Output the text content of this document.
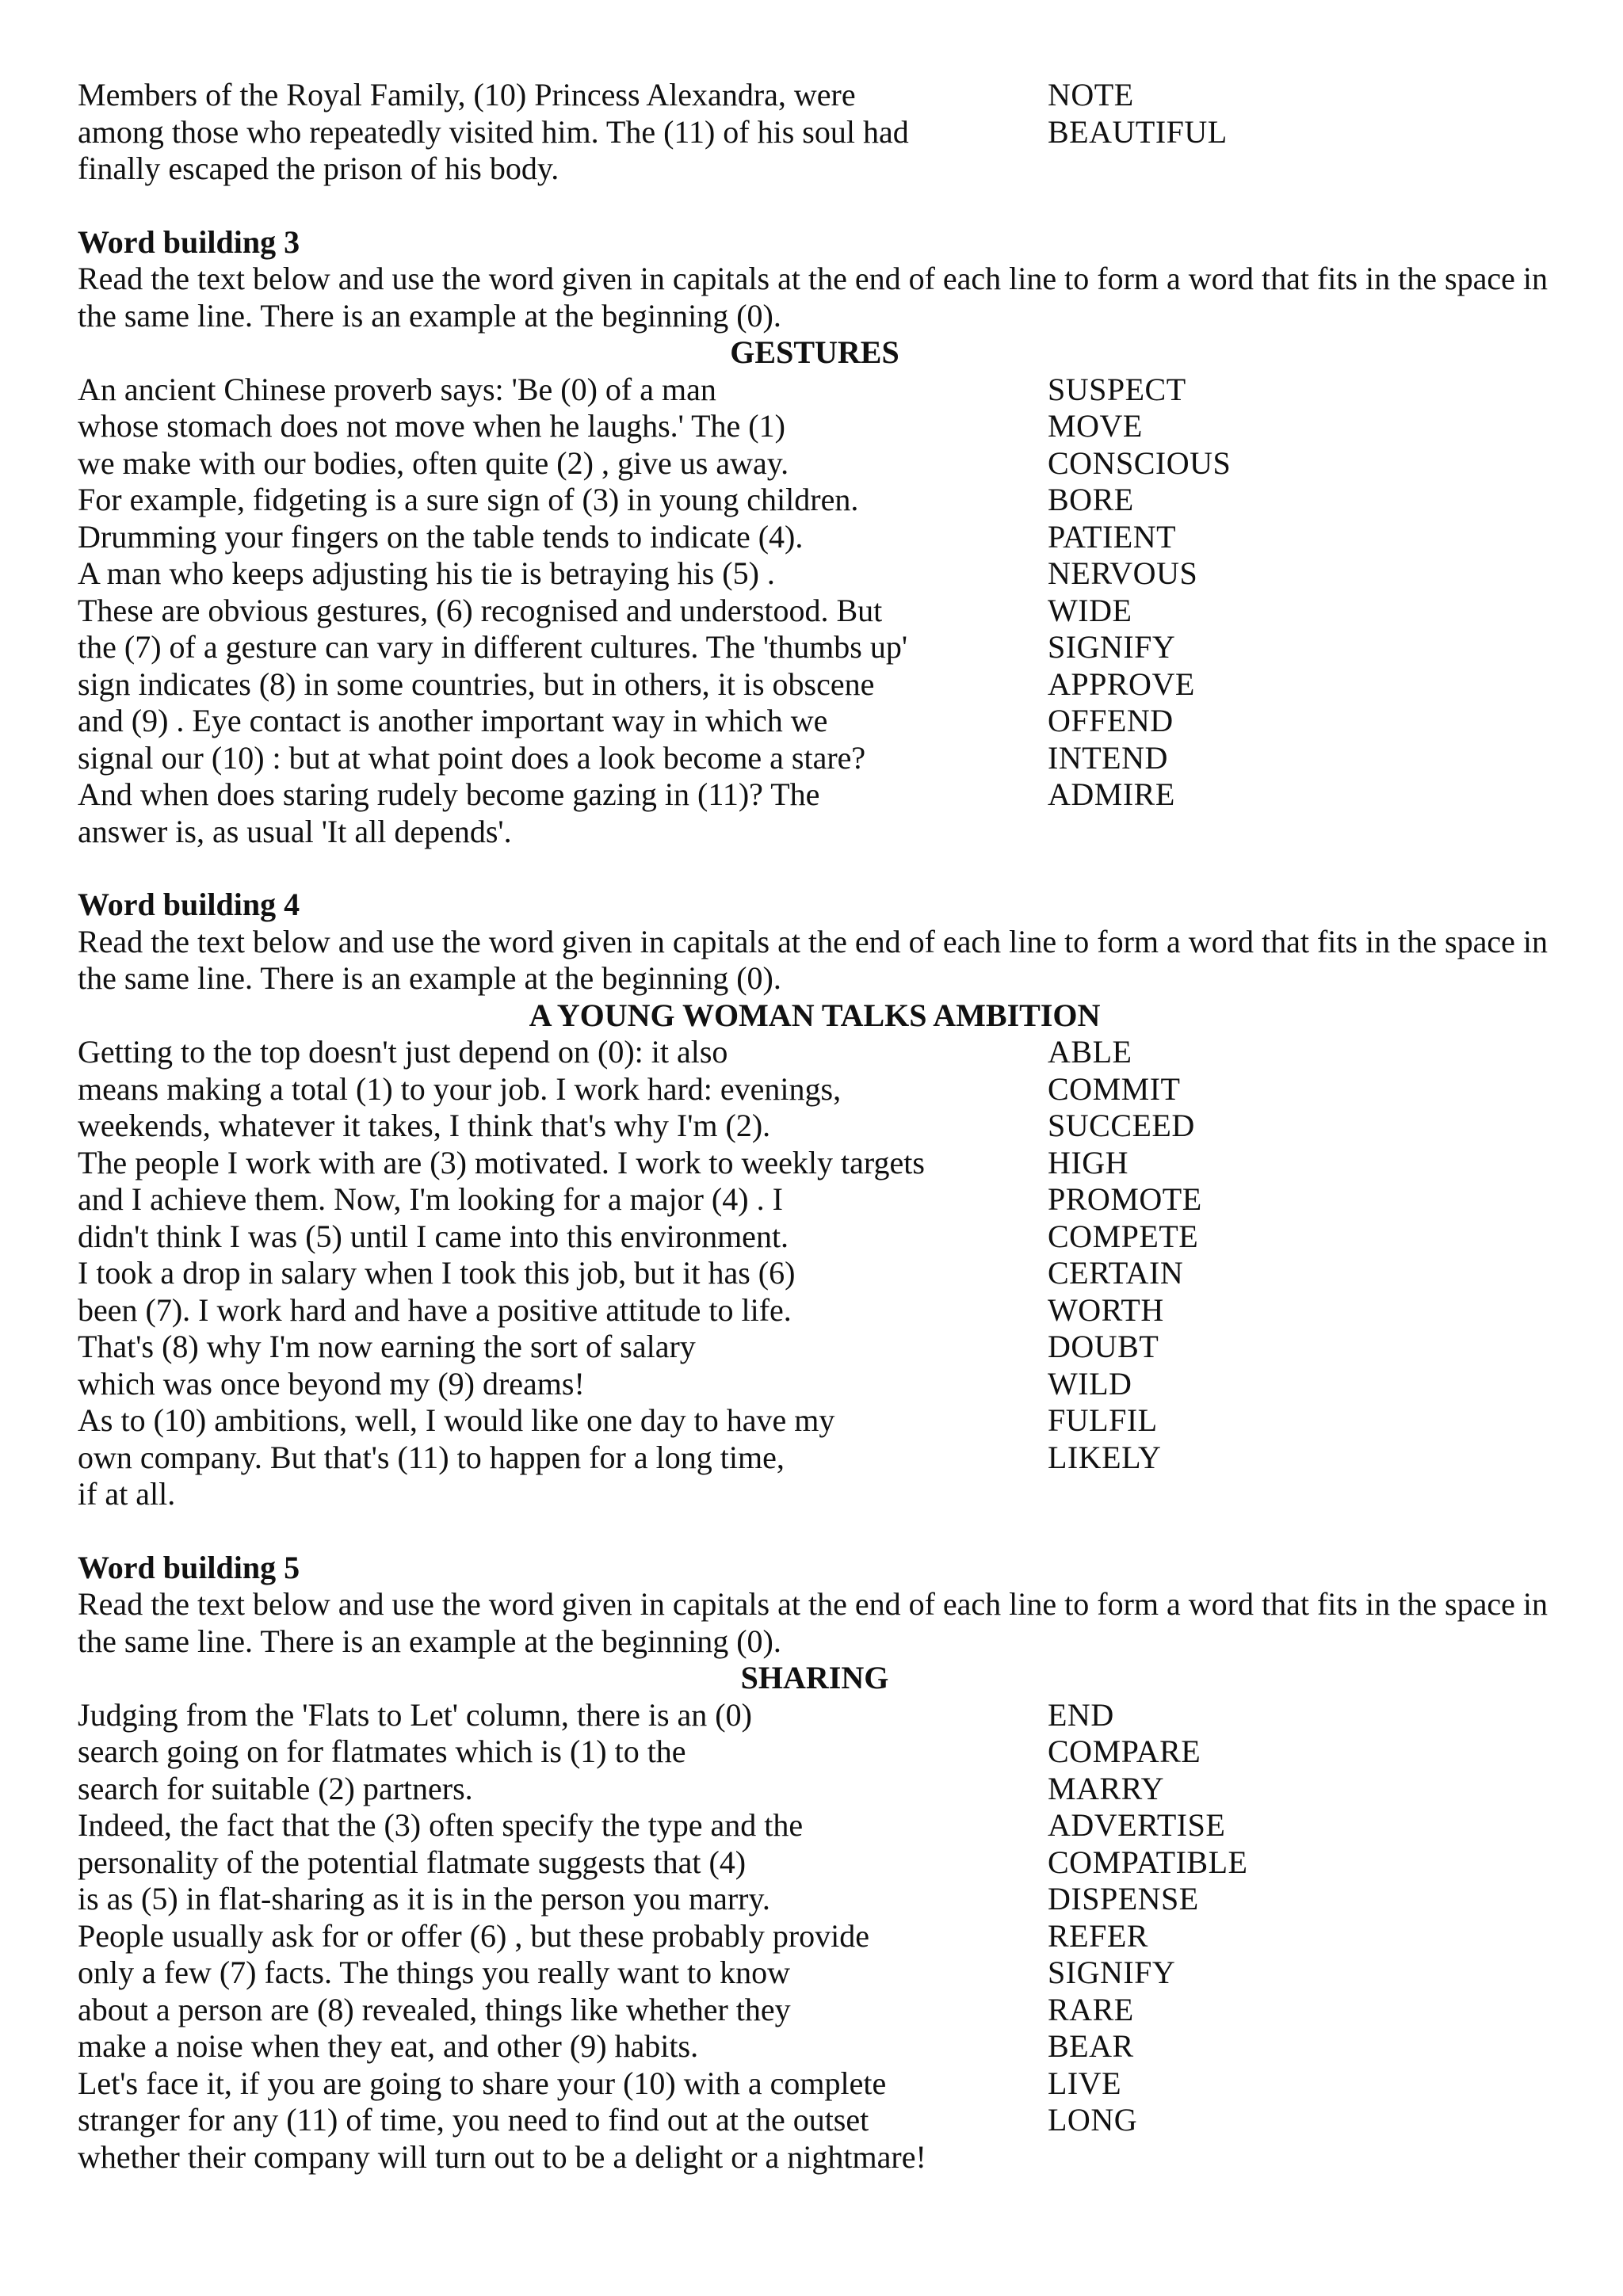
Members of the Royal Family, (10) Princess Alexandra, were	NOTE
among those who repeatedly visited him. The (11) of his soul had	BEAUTIFUL
finally escaped the prison of his body.
Word building 3
Read the text below and use the word given in capitals at the end of each line to form a word that fits in the space in the same line. There is an example at the beginning (0).
GESTURES
An ancient Chinese proverb says: 'Be (0) of a man	SUSPECT
whose stomach does not move when he laughs.' The (1)	MOVE
we make with our bodies, often quite (2) , give us away.	CONSCIOUS
For example, fidgeting is a sure sign of (3) in young children.	BORE
Drumming your fingers on the table tends to indicate (4).	PATIENT
A man who keeps adjusting his tie is betraying his (5) .	NERVOUS
These are obvious gestures, (6) recognised and understood. But	WIDE
the (7) of a gesture can vary in different cultures. The 'thumbs up'	SIGNIFY
sign indicates (8) in some countries, but in others, it is obscene	APPROVE
and (9) . Eye contact is another important way in which we	OFFEND
signal our (10) : but at what point does a look become a stare?	INTEND
And when does staring rudely become gazing in (11)? The	ADMIRE
answer is, as usual 'It all depends'.
Word building 4
Read the text below and use the word given in capitals at the end of each line to form a word that fits in the space in the same line. There is an example at the beginning (0).
A YOUNG WOMAN TALKS AMBITION
Getting to the top doesn't just depend on (0): it also	ABLE
means making a total (1) to your job. I work hard: evenings,	COMMIT
weekends, whatever it takes, I think that's why I'm (2).	SUCCEED
The people I work with are (3) motivated. I work to weekly targets	HIGH
and I achieve them. Now, I'm looking for a major (4) . I	PROMOTE
didn't think I was (5) until I came into this environment.	COMPETE
I took a drop in salary when I took this job, but it has (6)	CERTAIN
been (7). I work hard and have a positive attitude to life.	WORTH
That's (8) why I'm now earning the sort of salary	DOUBT
which was once beyond my (9) dreams!	WILD
As to (10) ambitions, well, I would like one day to have my	FULFIL
own company. But that's (11) to happen for a long time,	LIKELY
if at all.
Word building 5
Read the text below and use the word given in capitals at the end of each line to form a word that fits in the space in the same line. There is an example at the beginning (0).
SHARING
Judging from the 'Flats to Let' column, there is an (0)	END
search going on for flatmates which is (1) to the	COMPARE
search for suitable (2) partners.	MARRY
Indeed, the fact that the (3) often specify the type and the	ADVERTISE
personality of the potential flatmate suggests that (4)	COMPATIBLE
is as (5) in flat-sharing as it is in the person you marry.	DISPENSE
People usually ask for or offer (6) , but these probably provide	REFER
only a few (7) facts. The things you really want to know	SIGNIFY
about a person are (8) revealed, things like whether they	RARE
make a noise when they eat, and other (9) habits.	BEAR
Let's face it, if you are going to share your (10) with a complete	LIVE
stranger for any (11) of time, you need to find out at the outset	LONG
whether their company will turn out to be a delight or a nightmare!
